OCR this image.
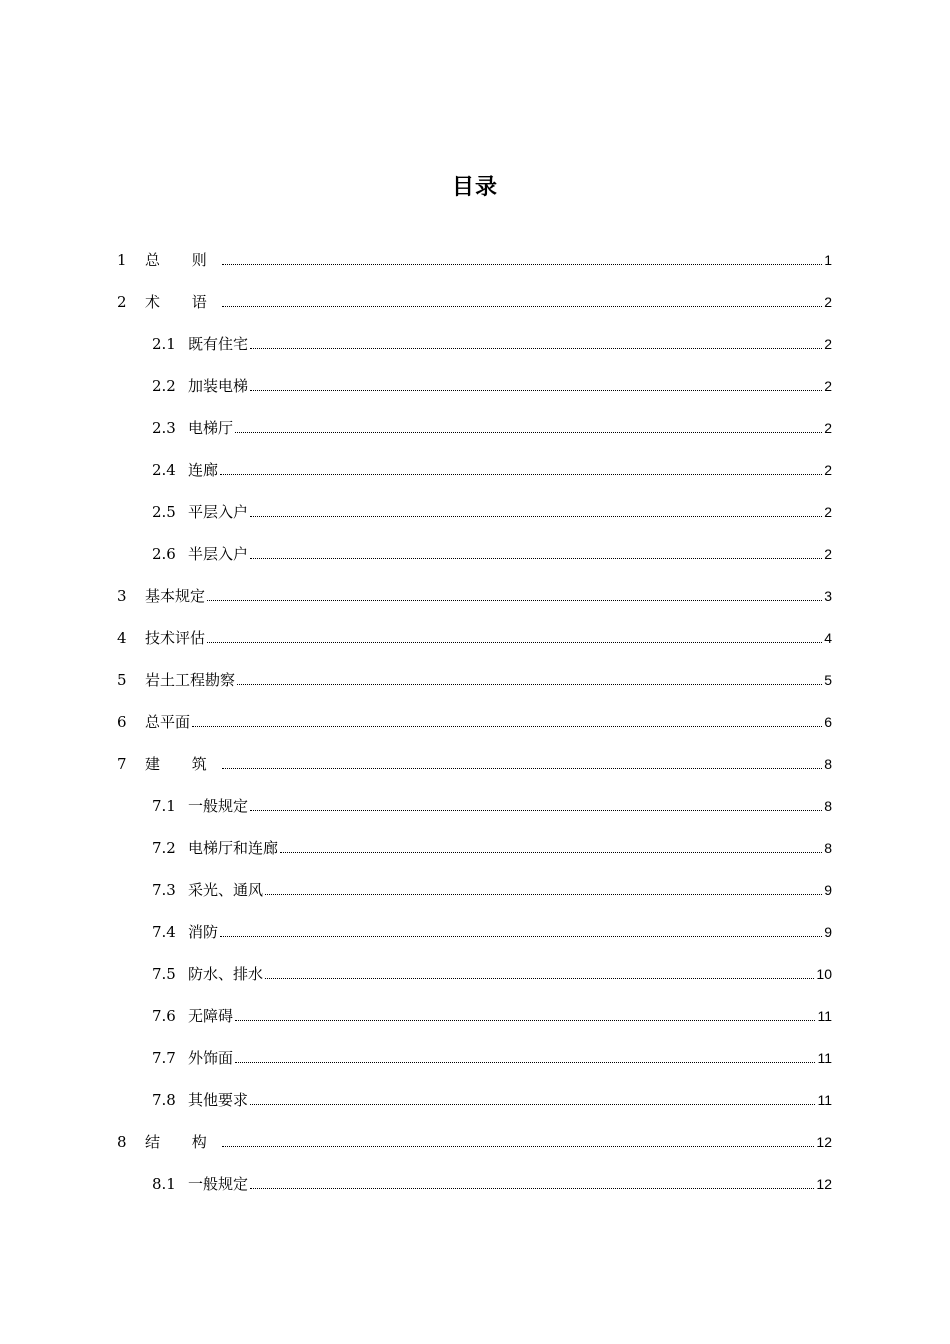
目录
1 总 则	1
2 术 语	2
2.1 既有住宅	2
2.2 加装电梯	2
2.3 电梯厅	2
2.4 连廊	2
2.5 平层入户	2
2.6 半层入户	2
3 基本规定	3
4 技术评估	4
5 岩土工程勘察	5
6 总平面	6
7 建 筑	8
7.1 一般规定	8
7.2 电梯厅和连廊	8
7.3 采光、通风	9
7.4 消防	9
7.5 防水、排水	10
7.6 无障碍	11
7.7 外饰面	11
7.8 其他要求	11
8 结 构	12
8.1 一般规定	12
